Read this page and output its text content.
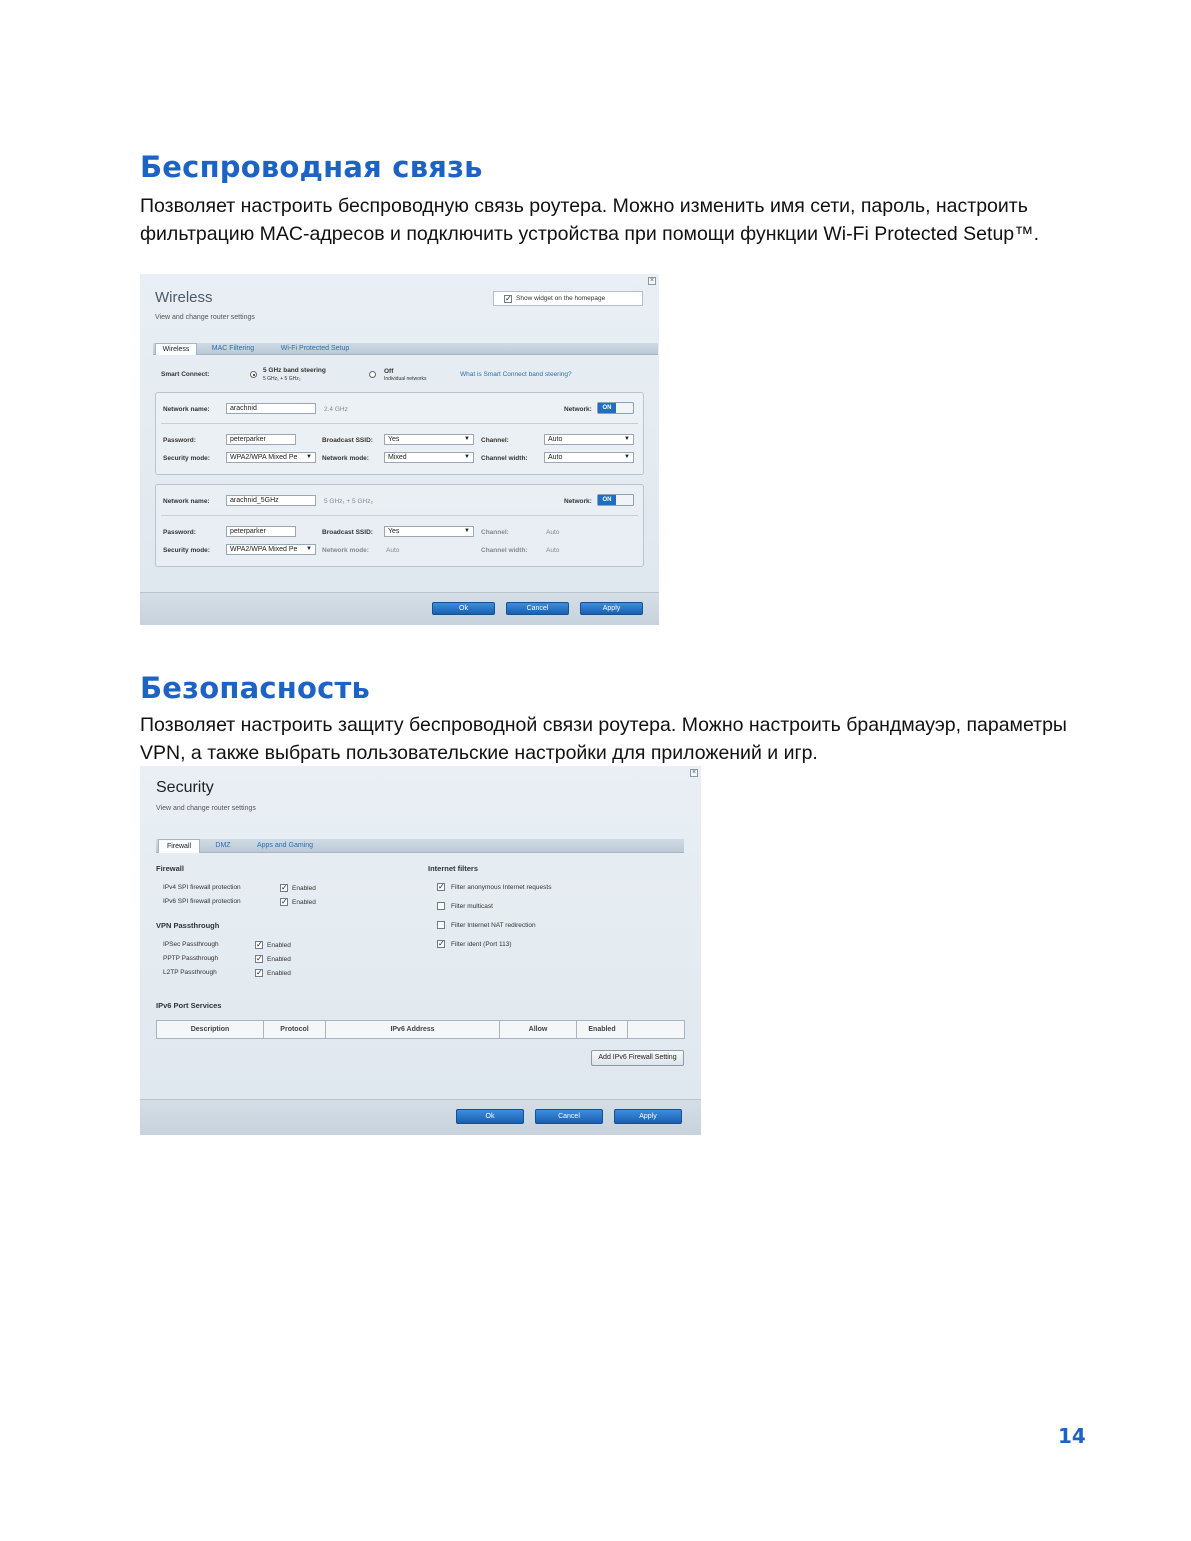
Беспроводная связь
Позволяет настроить беспроводную связь роутера. Можно изменить имя сети, пароль, настроить фильтрацию MAC-адресов и подключить устройства при помощи функции Wi-Fi Protected Setup™.
×
Wireless
View and change router settings
✓ Show widget on the homepage
Wireless	MAC Filtering	Wi-Fi Protected Setup
Smart Connect:
5 GHz band steering
5 GHz₁ + 5 GHz₂
Off
Individual networks
What is Smart Connect band steering?
Network name:	arachnid	2.4 GHz	Network:	ON
Password:	peterparker	Broadcast SSID:	Yes	▼ Channel:	Auto	▼
Security mode:	WPA2/WPA Mixed Pe ▼ Network mode:	Mixed	▼ Channel width:	Auto	▼
Network name:	arachnid_5GHz	5 GHz₁ + 5 GHz₂	Network:	ON
Password:	peterparker	Broadcast SSID:	Yes	▼ Channel:	Auto
Security mode:	WPA2/WPA Mixed Pe ▼ Network mode:	Auto	Channel width:	Auto
Ok	Cancel	Apply
Безопасность
Позволяет настроить защиту беспроводной связи роутера. Можно настроить брандмауэр, параметры VPN, а также выбрать пользовательские настройки для приложений и игр.
×
Security
View and change router settings
Firewall	DMZ	Apps and Gaming
Firewall
IPv4 SPI firewall protection	✓ Enabled
IPv6 SPI firewall protection	✓ Enabled
VPN Passthrough
IPSec Passthrough	✓ Enabled
PPTP Passthrough	✓ Enabled
L2TP Passthrough	✓ Enabled
Internet filters
✓ Filter anonymous Internet requests
Filter multicast
Filter Internet NAT redirection
✓ Filter ident (Port 113)
IPv6 Port Services
Description	Protocol	IPv6 Address	Allow	Enabled
Add IPv6 Firewall Setting
Ok	Cancel	Apply
14
